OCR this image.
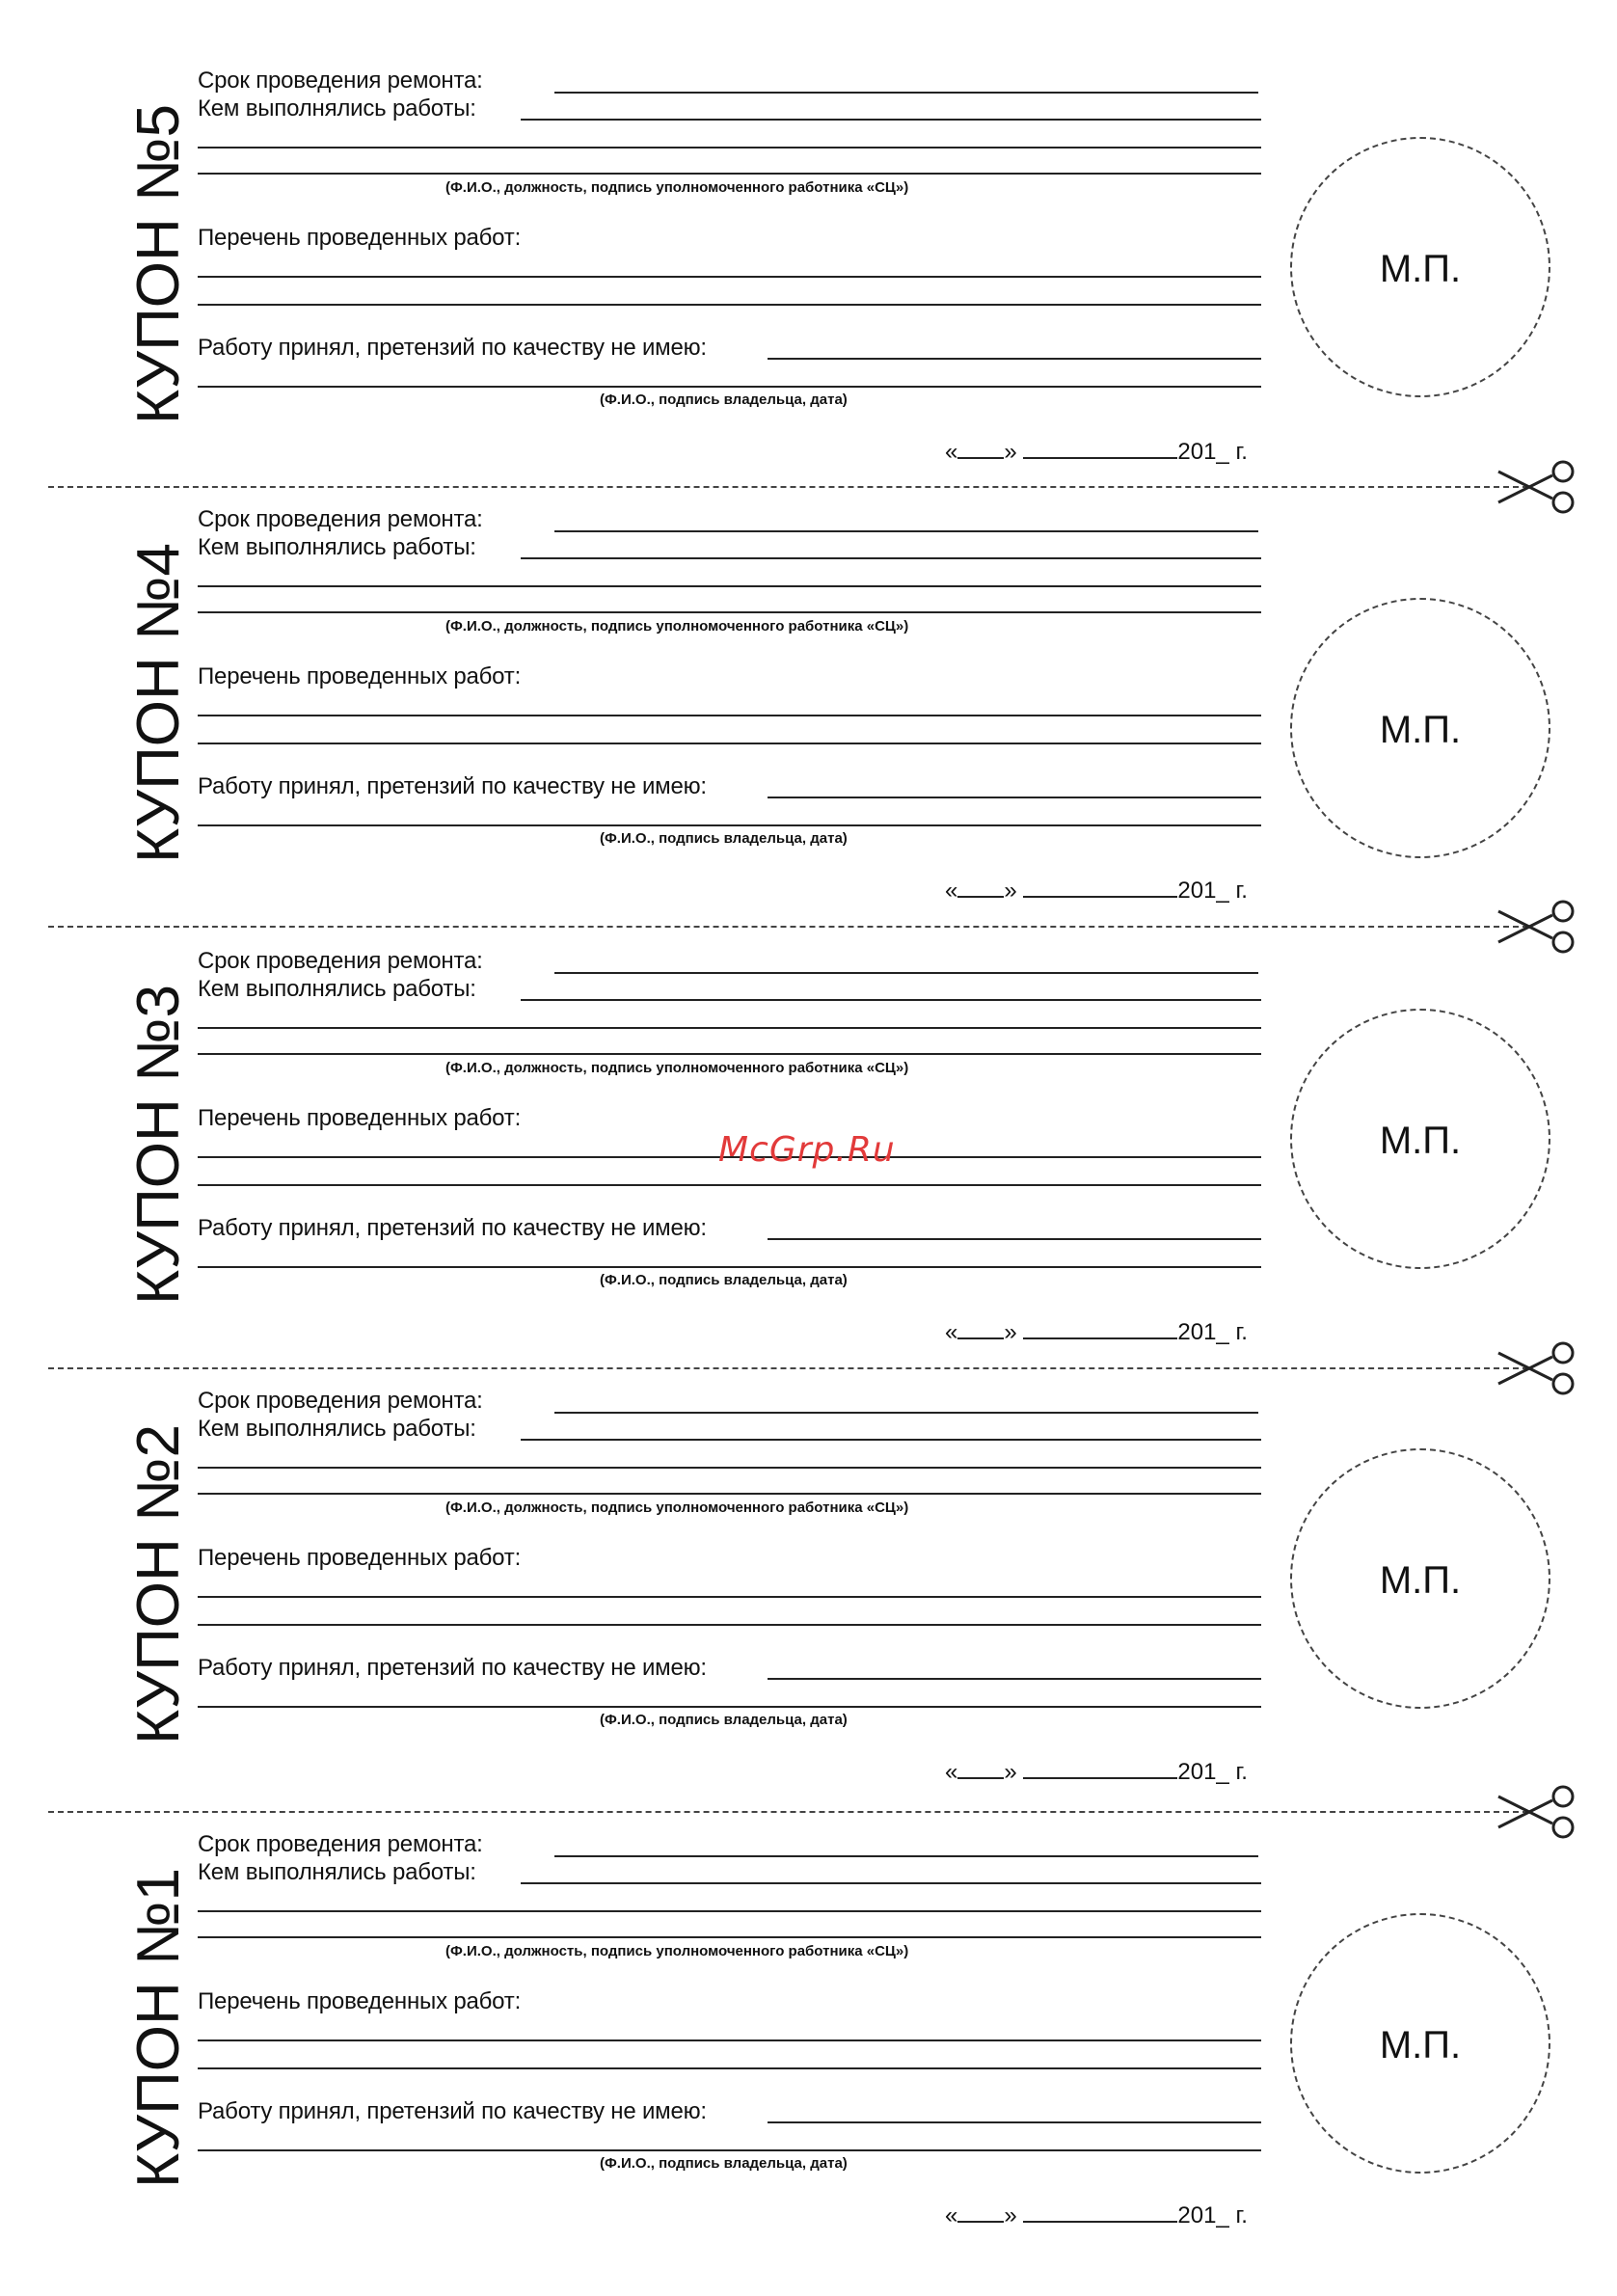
КУПОН №5
Срок проведения ремонта:
Кем выполнялись работы:
(Ф.И.О., должность, подпись уполномоченного работника «СЦ»)
Перечень проведенных работ:
Работу принял, претензий по качеству не имею:
(Ф.И.О., подпись владельца, дата)
М.П.
« »	201_ г.
КУПОН №4
Срок проведения ремонта:
Кем выполнялись работы:
(Ф.И.О., должность, подпись уполномоченного работника «СЦ»)
Перечень проведенных работ:
Работу принял, претензий по качеству не имею:
(Ф.И.О., подпись владельца, дата)
М.П.
« »	201_ г.
КУПОН №3
Срок проведения ремонта:
Кем выполнялись работы:
(Ф.И.О., должность, подпись уполномоченного работника «СЦ»)
Перечень проведенных работ:
Работу принял, претензий по качеству не имею:
(Ф.И.О., подпись владельца, дата)
М.П.
« »	201_ г.
КУПОН №2
Срок проведения ремонта:
Кем выполнялись работы:
(Ф.И.О., должность, подпись уполномоченного работника «СЦ»)
Перечень проведенных работ:
Работу принял, претензий по качеству не имею:
(Ф.И.О., подпись владельца, дата)
М.П.
« »	201_ г.
КУПОН №1
Срок проведения ремонта:
Кем выполнялись работы:
(Ф.И.О., должность, подпись уполномоченного работника «СЦ»)
Перечень проведенных работ:
Работу принял, претензий по качеству не имею:
(Ф.И.О., подпись владельца, дата)
М.П.
« »	201_ г.
McGrp.Ru
